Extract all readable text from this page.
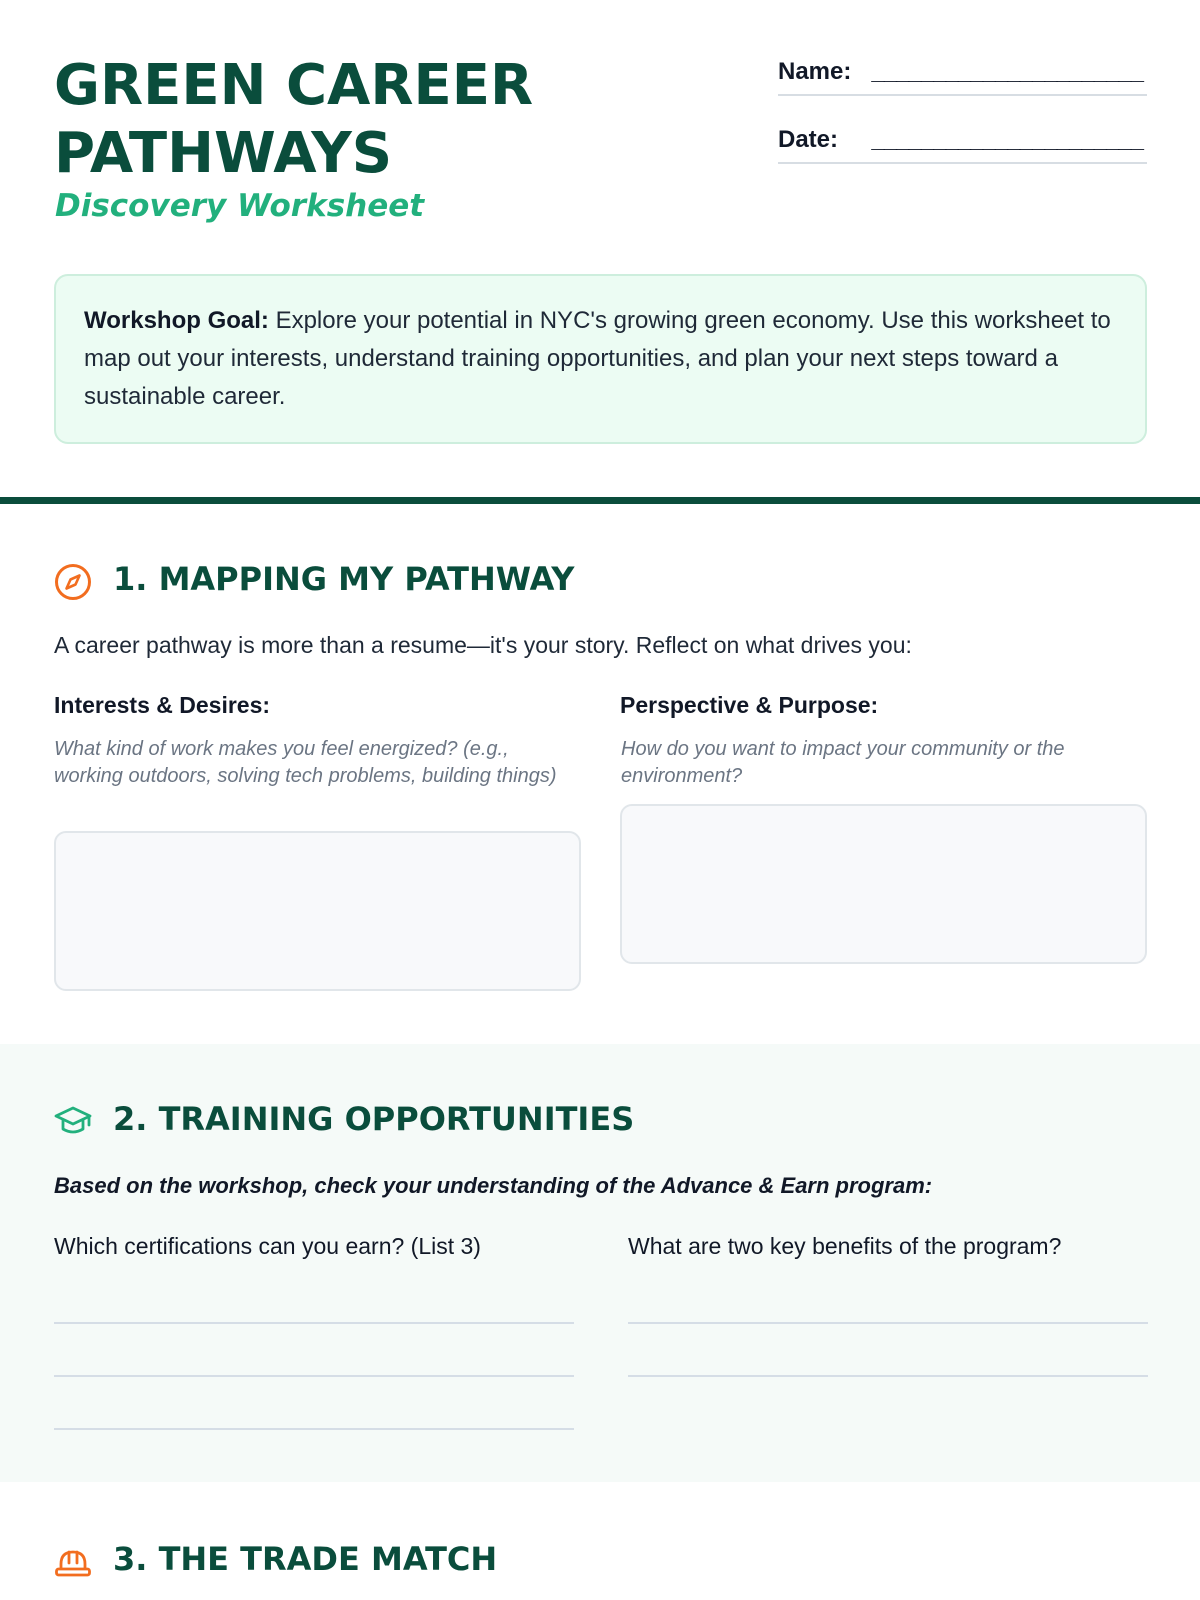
GREEN CAREER
PATHWAYS
Discovery Worksheet
Name: ______________________
Date: ______________________
Workshop Goal: Explore your potential in NYC's growing green economy. Use this worksheet to map out your interests, understand training opportunities, and plan your next steps toward a sustainable career.
1. MAPPING MY PATHWAY
A career pathway is more than a resume—it's your story. Reflect on what drives you:
Interests & Desires:
What kind of work makes you feel energized? (e.g., working outdoors, solving tech problems, building things)
Perspective & Purpose:
How do you want to impact your community or the environment?
2. TRAINING OPPORTUNITIES
Based on the workshop, check your understanding of the Advance & Earn program:
Which certifications can you earn? (List 3)	What are two key benefits of the program?
3. THE TRADE MATCH
